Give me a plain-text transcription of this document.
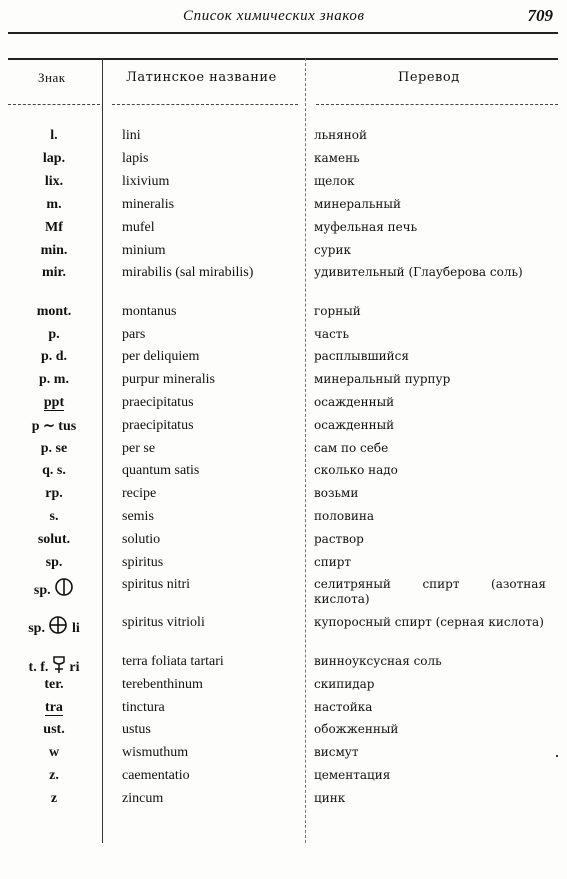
Список химических знаков	709
Знак	Латинское название	Перевод
l.	lini	льняной
lap.	lapis	камень
lix.	lixivium	щелок
m.	mineralis	минеральный
Mf	mufel	муфельная печь
min.	minium	сурик
mir.	mirabilis (sal mirabilis)	удивительный (Глауберова соль)
mont.	montanus	горный
p.	pars	часть
p. d.	per deliquiem	расплывшийся
p. m.	purpur mineralis	минеральный пурпур
ppt	praecipitatus	осажденный
p ∼ tus	praecipitatus	осажденный
p. se	per se	сам по себе
q. s.	quantum satis	сколько надо
rp.	recipe	возьми
s.	semis	половина
solut.	solutio	раствор
sp.	spiritus	спирт
sp.	spiritus nitri	селитряный спирт (азотная кислота)
sp. li	spiritus vitrioli	купоросный спирт (серная кислота)
t. f. ri	terra foliata tartari	винноуксусная соль
ter.	terebenthinum	скипидар
tra	tinctura	настойка
ust.	ustus	обожженный
w	wismuthum	висмут
z.	caementatio	цементация
z	zincum	цинк
